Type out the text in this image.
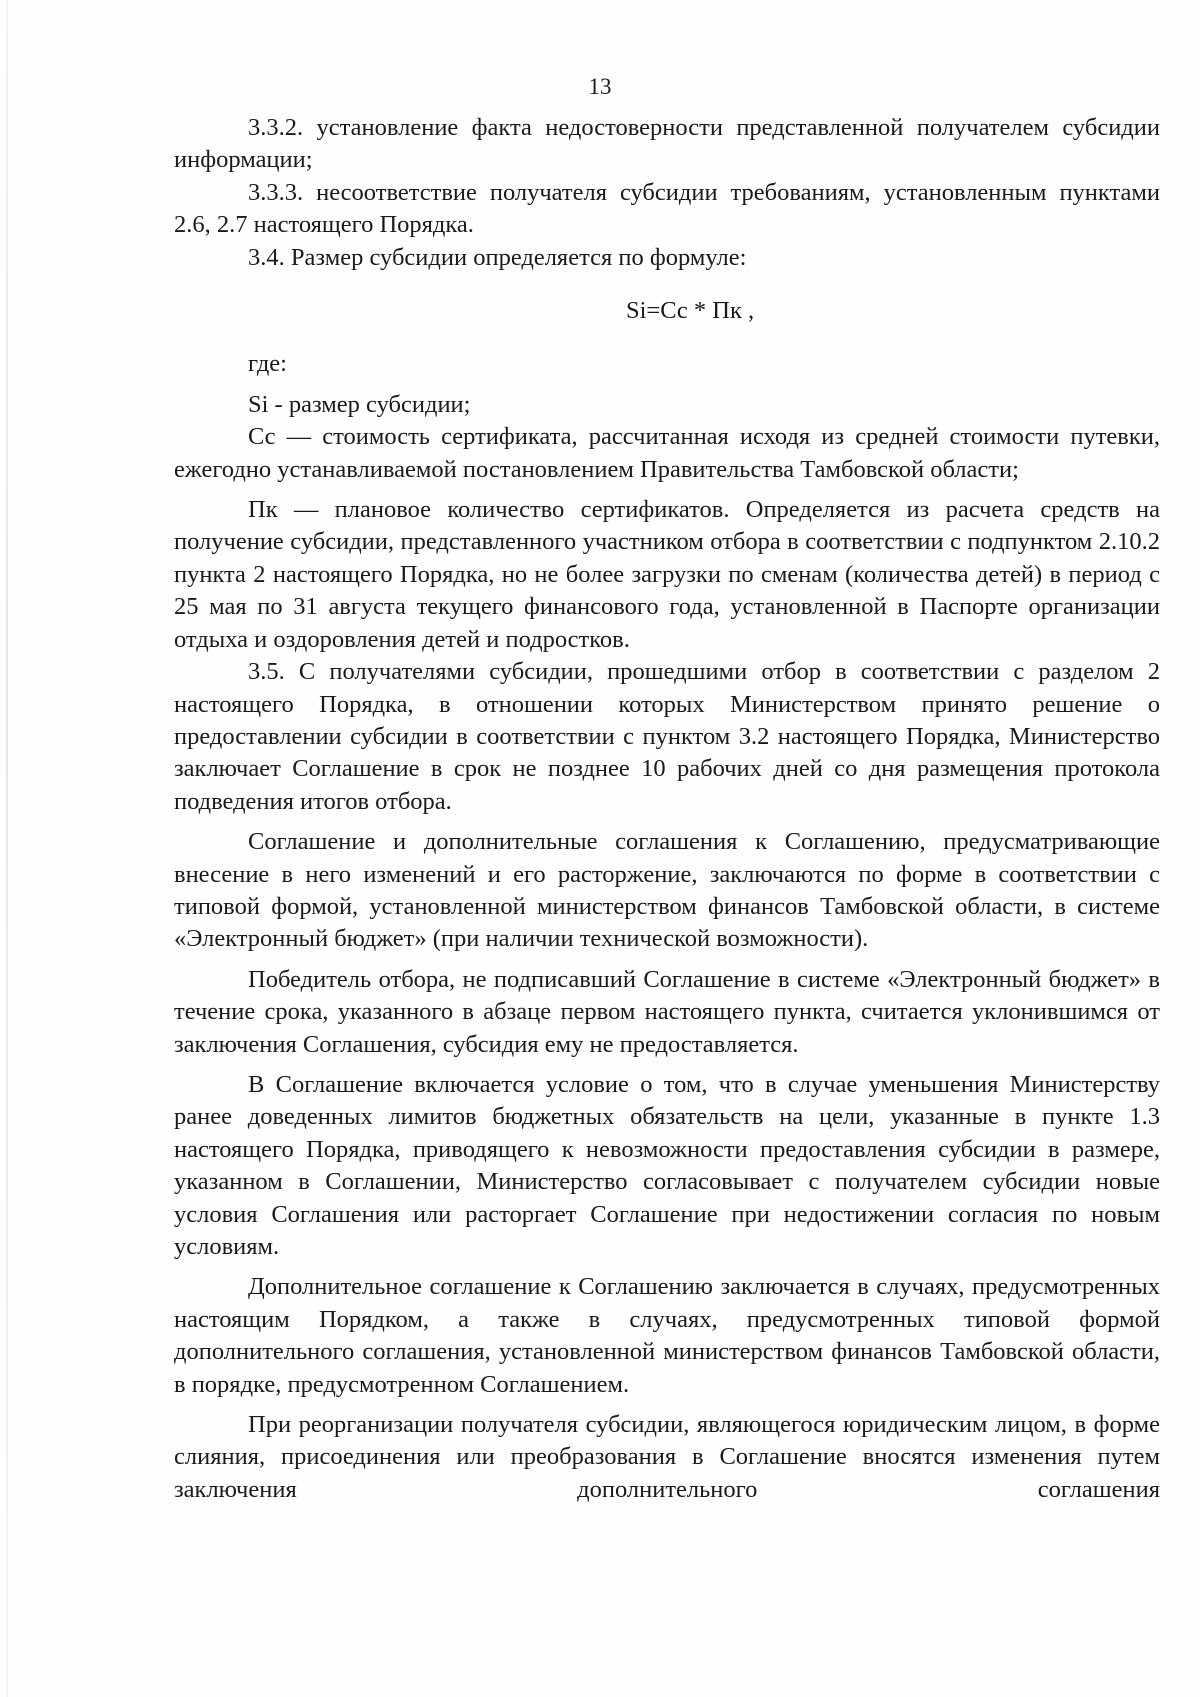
13

3.3.2. установление факта недостоверности представленной получателем субсидии информации;

3.3.3. несоответствие получателя субсидии требованиям, установленным пунктами 2.6, 2.7 настоящего Порядка.

3.4. Размер субсидии определяется по формуле:

Si=Сс * Пк ,

где:

Si - размер субсидии;

Сс — стоимость сертификата, рассчитанная исходя из средней стоимости путевки, ежегодно устанавливаемой постановлением Правительства Тамбовской области;

Пк — плановое количество сертификатов. Определяется из расчета средств на получение субсидии, представленного участником отбора в соответствии с подпунктом 2.10.2 пункта 2 настоящего Порядка, но не более загрузки по сменам (количества детей) в период с 25 мая по 31 августа текущего финансового года, установленной в Паспорте организации отдыха и оздоровления детей и подростков.

3.5. С получателями субсидии, прошедшими отбор в соответствии с разделом 2 настоящего Порядка, в отношении которых Министерством принято решение о предоставлении субсидии в соответствии с пунктом 3.2 настоящего Порядка, Министерство заключает Соглашение в срок не позднее 10 рабочих дней со дня размещения протокола подведения итогов отбора.

Соглашение и дополнительные соглашения к Соглашению, предусматривающие внесение в него изменений и его расторжение, заключаются по форме в соответствии с типовой формой, установленной министерством финансов Тамбовской области, в системе «Электронный бюджет» (при наличии технической возможности).

Победитель отбора, не подписавший Соглашение в системе «Электронный бюджет» в течение срока, указанного в абзаце первом настоящего пункта, считается уклонившимся от заключения Соглашения, субсидия ему не предоставляется.

В Соглашение включается условие о том, что в случае уменьшения Министерству ранее доведенных лимитов бюджетных обязательств на цели, указанные в пункте 1.3 настоящего Порядка, приводящего к невозможности предоставления субсидии в размере, указанном в Соглашении, Министерство согласовывает с получателем субсидии новые условия Соглашения или расторгает Соглашение при недостижении согласия по новым условиям.

Дополнительное соглашение к Соглашению заключается в случаях, предусмотренных настоящим Порядком, а также в случаях, предусмотренных типовой формой дополнительного соглашения, установленной министерством финансов Тамбовской области, в порядке, предусмотренном Соглашением.

При реорганизации получателя субсидии, являющегося юридическим лицом, в форме слияния, присоединения или преобразования в Соглашение вносятся изменения путем заключения дополнительного соглашения
